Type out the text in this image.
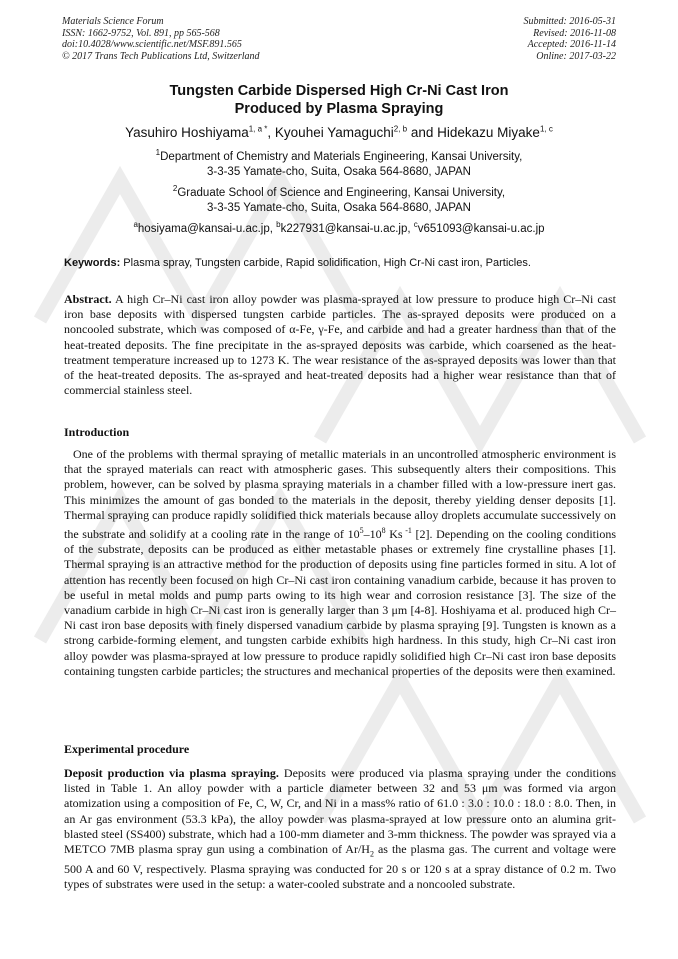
Materials Science Forum
ISSN: 1662-9752, Vol. 891, pp 565-568
doi:10.4028/www.scientific.net/MSF.891.565
© 2017 Trans Tech Publications Ltd, Switzerland
Submitted: 2016-05-31
Revised: 2016-11-08
Accepted: 2016-11-14
Online: 2017-03-22
Tungsten Carbide Dispersed High Cr-Ni Cast Iron
Produced by Plasma Spraying
Yasuhiro Hoshiyama$^{1, a *}$, Kyouhei Yamaguchi$^{2, b}$ and Hidekazu Miyake$^{1, c}$
$^1$Department of Chemistry and Materials Engineering, Kansai University,
3-3-35 Yamate-cho, Suita, Osaka 564-8680, JAPAN
$^2$Graduate School of Science and Engineering, Kansai University,
3-3-35 Yamate-cho, Suita, Osaka 564-8680, JAPAN
$^a$hosiyama@kansai-u.ac.jp, $^b$k227931@kansai-u.ac.jp, $^c$v651093@kansai-u.ac.jp
Keywords: Plasma spray, Tungsten carbide, Rapid solidification, High Cr-Ni cast iron, Particles.
Abstract. A high Cr–Ni cast iron alloy powder was plasma-sprayed at low pressure to produce high Cr–Ni cast iron base deposits with dispersed tungsten carbide particles. The as-sprayed deposits were produced on a noncooled substrate, which was composed of α-Fe, γ-Fe, and carbide and had a greater hardness than that of the heat-treated deposits. The fine precipitate in the as-sprayed deposits was carbide, which coarsened as the heat-treatment temperature increased up to 1273 K. The wear resistance of the as-sprayed deposits was lower than that of the heat-treated deposits. The as-sprayed and heat-treated deposits had a higher wear resistance than that of commercial stainless steel.
Introduction
One of the problems with thermal spraying of metallic materials in an uncontrolled atmospheric environment is that the sprayed materials can react with atmospheric gases. This subsequently alters their compositions. This problem, however, can be solved by plasma spraying materials in a chamber filled with a low-pressure inert gas. This minimizes the amount of gas bonded to the materials in the deposit, thereby yielding denser deposits [1]. Thermal spraying can produce rapidly solidified thick materials because alloy droplets accumulate successively on the substrate and solidify at a cooling rate in the range of $10^5-10^8$ Ks $^{-1}$ [2]. Depending on the cooling conditions of the substrate, deposits can be produced as either metastable phases or extremely fine crystalline phases [1]. Thermal spraying is an attractive method for the production of deposits using fine particles formed in situ. A lot of attention has recently been focused on high Cr–Ni cast iron containing vanadium carbide, because it has proven to be useful in metal molds and pump parts owing to its high wear and corrosion resistance [3]. The size of the vanadium carbide in high Cr–Ni cast iron is generally larger than 3 μm [4-8]. Hoshiyama et al. produced high Cr–Ni cast iron base deposits with finely dispersed vanadium carbide by plasma spraying [9]. Tungsten is known as a strong carbide-forming element, and tungsten carbide exhibits high hardness. In this study, high Cr–Ni cast iron alloy powder was plasma-sprayed at low pressure to produce rapidly solidified high Cr–Ni cast iron base deposits containing tungsten carbide particles; the structures and mechanical properties of the deposits were then examined.
Experimental procedure
Deposit production via plasma spraying. Deposits were produced via plasma spraying under the conditions listed in Table 1. An alloy powder with a particle diameter between 32 and 53 μm was formed via argon atomization using a composition of Fe, C, W, Cr, and Ni in a mass% ratio of 61.0 : 3.0 : 10.0 : 18.0 : 8.0. Then, in an Ar gas environment (53.3 kPa), the alloy powder was plasma-sprayed at low pressure onto an alumina grit-blasted steel (SS400) substrate, which had a 100-mm diameter and 3-mm thickness. The powder was sprayed via a METCO 7MB plasma spray gun using a combination of $Ar/H_2$ as the plasma gas. The current and voltage were 500 A and 60 V, respectively. Plasma spraying was conducted for 20 s or 120 s at a spray distance of 0.2 m. Two types of substrates were used in the setup: a water-cooled substrate and a noncooled substrate.
